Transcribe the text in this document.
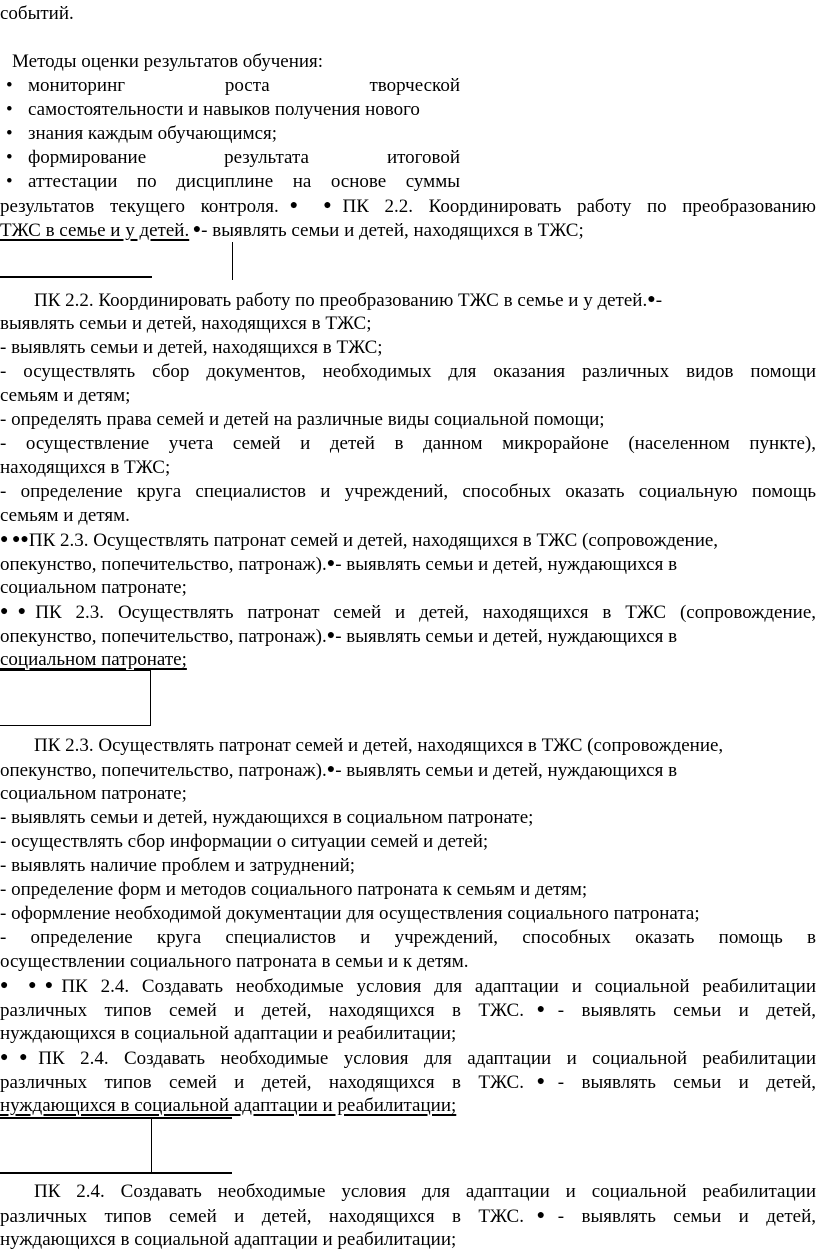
событий.
Методы оценки результатов обучения:
• мониторинг роста творческой
• самостоятельности и навыков получения нового
• знания каждым обучающимся;
• формирование результата итоговой
• аттестации по дисциплине на основе суммы
результатов текущего контроля.● ●ПК 2.2. Координировать работу по преобразованию
ТЖС в семье и у детей. ●- выявлять семьи и детей, находящихся в ТЖС;
ПК 2.2. Координировать работу по преобразованию ТЖС в семье и у детей.●-
выявлять семьи и детей, находящихся в ТЖС;
- выявлять семьи и детей, находящихся в ТЖС;
- осуществлять сбор документов, необходимых для оказания различных видов помощи
семьям и детям;
- определять права семей и детей на различные виды социальной помощи;
- осуществление учета семей и детей в данном микрорайоне (населенном пункте),
находящихся в ТЖС;
- определение круга специалистов и учреждений, способных оказать социальную помощь
семьям и детям.
● ●●ПК 2.3. Осуществлять патронат семей и детей, находящихся в ТЖС (сопровождение,
опекунство, попечительство, патронаж).●- выявлять семьи и детей, нуждающихся в
социальном патронате;
●●ПК 2.3. Осуществлять патронат семей и детей, находящихся в ТЖС (сопровождение,
опекунство, попечительство, патронаж).●- выявлять семьи и детей, нуждающихся в
социальном патронате;
ПК 2.3. Осуществлять патронат семей и детей, находящихся в ТЖС (сопровождение,
опекунство, попечительство, патронаж).●- выявлять семьи и детей, нуждающихся в
социальном патронате;
- выявлять семьи и детей, нуждающихся в социальном патронате;
- осуществлять сбор информации о ситуации семей и детей;
- выявлять наличие проблем и затруднений;
- определение форм и методов социального патроната к семьям и детям;
- оформление необходимой документации для осуществления социального патроната;
- определение круга специалистов и учреждений, способных оказать помощь в
осуществлении социального патроната в семьи и к детям.
● ●●ПК 2.4. Создавать необходимые условия для адаптации и социальной реабилитации
различных типов семей и детей, находящихся в ТЖС.●- выявлять семьи и детей,
нуждающихся в социальной адаптации и реабилитации;
●●ПК 2.4. Создавать необходимые условия для адаптации и социальной реабилитации
различных типов семей и детей, находящихся в ТЖС.●- выявлять семьи и детей,
нуждающихся в социальной адаптации и реабилитации;
ПК 2.4. Создавать необходимые условия для адаптации и социальной реабилитации
различных типов семей и детей, находящихся в ТЖС.●- выявлять семьи и детей,
нуждающихся в социальной адаптации и реабилитации;
